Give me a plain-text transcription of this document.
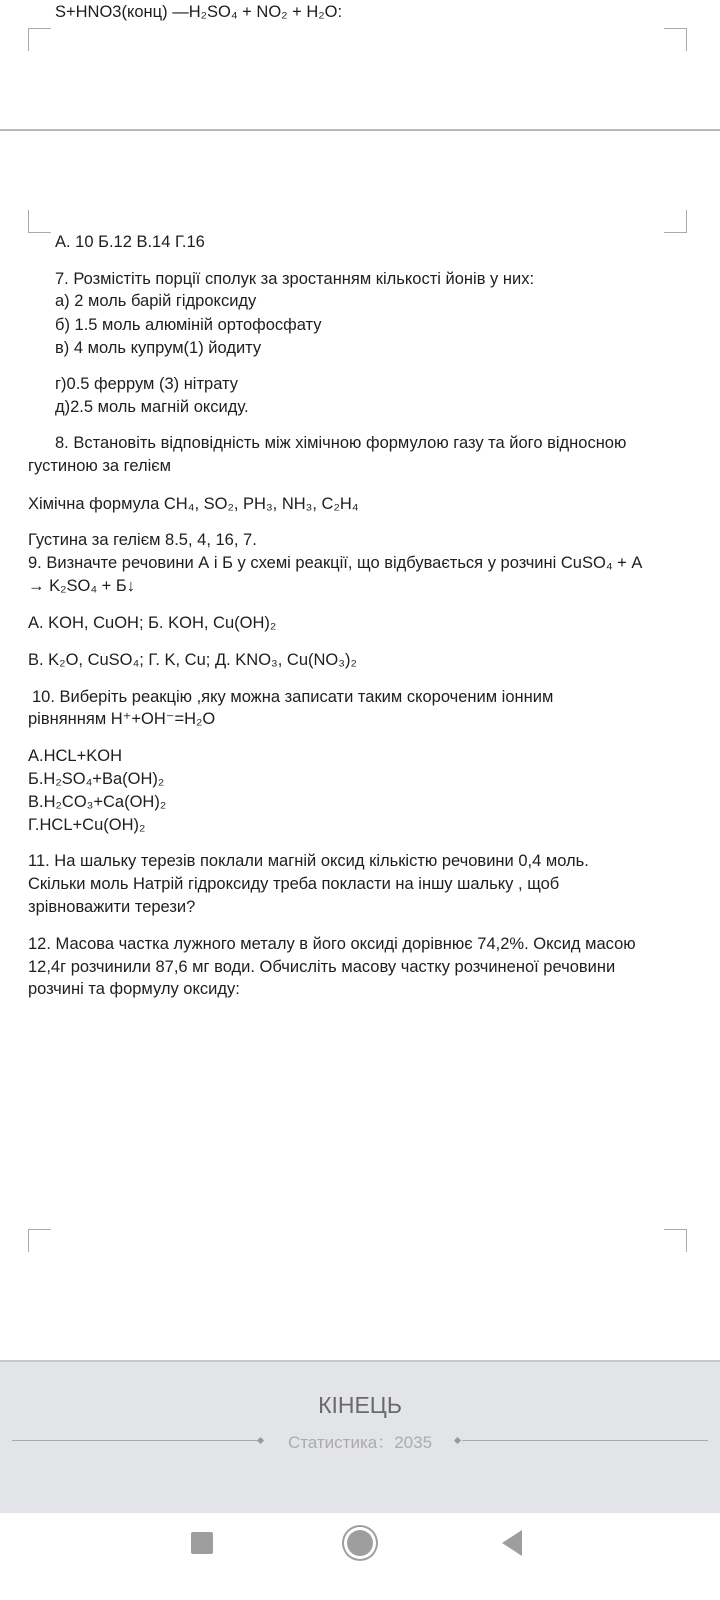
S+HNO3(конц) —H₂SO₄ + NO₂ + H₂O:
А. 10 Б.12 В.14 Г.16
7. Розмістіть порції сполук за зростанням кількості йонів у них:
а) 2 моль барій гідроксиду
б) 1.5 моль алюміній ортофосфату
в) 4 моль купрум(1) йодиту
г)0.5 феррум (3) нітрату
д)2.5 моль магній оксиду.
8. Встановіть відповідність між хімічною формулою газу та його відносною
густиною за гелієм
Хімічна формула CH₄, SO₂, PH₃, NH₃, C₂H₄
Густина за гелієм 8.5, 4, 16, 7.
9. Визначте речовини А і Б у схемі реакції, що відбувається у розчині CuSO₄ + А
→ K₂SO₄ + Б↓
А. KOH, CuOH; Б. KOH, Cu(OH)₂
В. K₂O, CuSO₄; Г. K, Cu; Д. KNO₃, Cu(NO₃)₂
10. Виберіть реакцію ,яку можна записати таким скороченим іонним
рівнянням H⁺+OH⁻=H₂O
А.HCL+KOH
Б.H₂SO₄+Ba(OH)₂
В.H₂CO₃+Ca(OH)₂
Г.HCL+Cu(OH)₂
11. На шальку терезів поклали магній оксид кількістю речовини 0,4 моль.
Скільки моль Натрій гідроксиду треба покласти на іншу шальку , щоб
зрівноважити терези?
12. Масова частка лужного металу в його оксиді дорівнює 74,2%. Оксид масою
12,4г розчинили 87,6 мг води. Обчисліть масову частку розчиненої речовини
розчині та формулу оксиду:
КІНЕЦЬ
Статистика：2035
